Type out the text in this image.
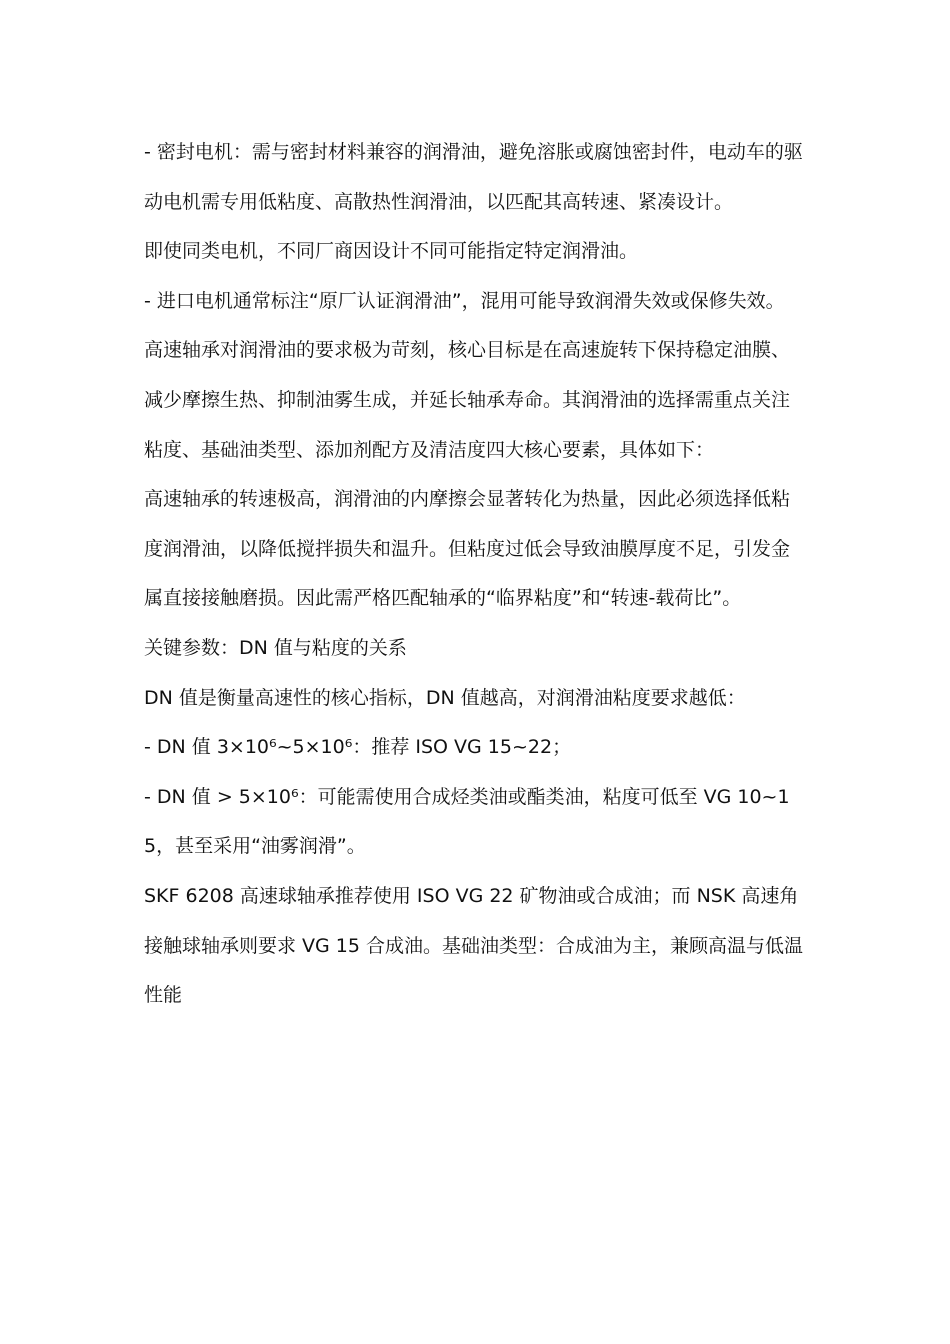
- 密封电机：需与密封材料兼容的润滑油，避免溶胀或腐蚀密封件，电动车的驱动电机需专用低粘度、高散热性润滑油，以匹配其高转速、紧凑设计。

即使同类电机，不同厂商因设计不同可能指定特定润滑油。

- 进口电机通常标注“原厂认证润滑油”，混用可能导致润滑失效或保修失效。

高速轴承对润滑油的要求极为苛刻，核心目标是在高速旋转下保持稳定油膜、减少摩擦生热、抑制油雾生成，并延长轴承寿命。其润滑油的选择需重点关注粘度、基础油类型、添加剂配方及清洁度四大核心要素，具体如下：

高速轴承的转速极高，润滑油的内摩擦会显著转化为热量，因此必须选择低粘度润滑油，以降低搅拌损失和温升。但粘度过低会导致油膜厚度不足，引发金属直接接触磨损。因此需严格匹配轴承的“临界粘度”和“转速-载荷比”。

关键参数：DN 值与粘度的关系

DN 值是衡量高速性的核心指标，DN 值越高，对润滑油粘度要求越低：

- DN 值 3×10⁶~5×10⁶：推荐 ISO VG 15~22；

- DN 值 > 5×10⁶：可能需使用合成烃类油或酯类油，粘度可低至 VG 10~15，甚至采用“油雾润滑”。

SKF 6208 高速球轴承推荐使用 ISO VG 22 矿物油或合成油；而 NSK 高速角接触球轴承则要求 VG 15 合成油。基础油类型：合成油为主，兼顾高温与低温性能
